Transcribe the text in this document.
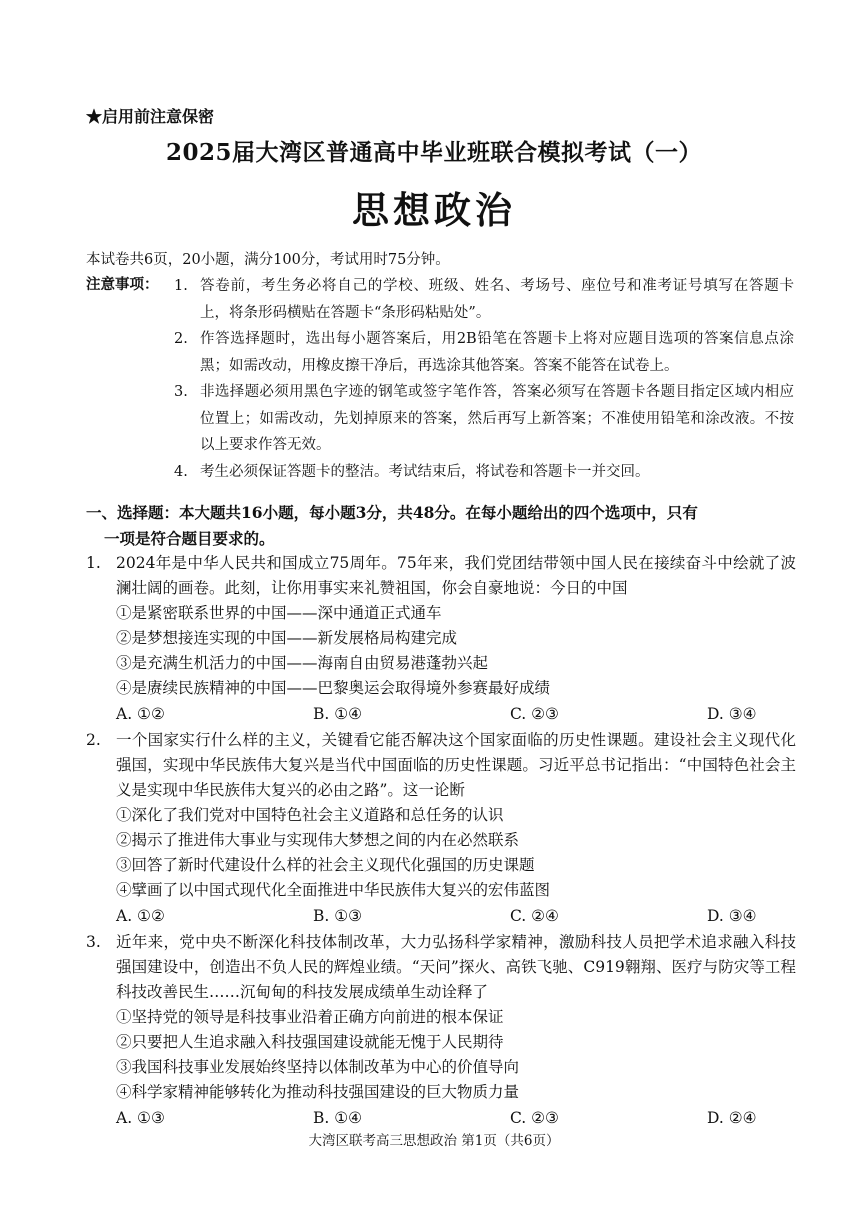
★启用前注意保密
2025届大湾区普通高中毕业班联合模拟考试（一）
思想政治
本试卷共6页，20小题，满分100分，考试用时75分钟。
注意事项： 1. 答卷前，考生务必将自己的学校、班级、姓名、考场号、座位号和准考证号填写在答题卡上，将条形码横贴在答题卡“条形码粘贴处”。
2. 作答选择题时，选出每小题答案后，用2B铅笔在答题卡上将对应题目选项的答案信息点涂黑；如需改动，用橡皮擦干净后，再选涂其他答案。答案不能答在试卷上。
3. 非选择题必须用黑色字迹的钢笔或签字笔作答，答案必须写在答题卡各题目指定区域内相应位置上；如需改动，先划掉原来的答案，然后再写上新答案；不准使用铅笔和涂改液。不按以上要求作答无效。
4. 考生必须保证答题卡的整洁。考试结束后，将试卷和答题卡一并交回。
一、选择题：本大题共16小题，每小题3分，共48分。在每小题给出的四个选项中，只有
一项是符合题目要求的。
1. 2024年是中华人民共和国成立75周年。75年来，我们党团结带领中国人民在接续奋斗中绘就了波澜壮阔的画卷。此刻，让你用事实来礼赞祖国，你会自豪地说：今日的中国
①是紧密联系世界的中国——深中通道正式通车
②是梦想接连实现的中国——新发展格局构建完成
③是充满生机活力的中国——海南自由贸易港蓬勃兴起
④是赓续民族精神的中国——巴黎奥运会取得境外参赛最好成绩
A. ①②	B. ①④	C. ②③	D. ③④
2. 一个国家实行什么样的主义，关键看它能否解决这个国家面临的历史性课题。建设社会主义现代化强国，实现中华民族伟大复兴是当代中国面临的历史性课题。习近平总书记指出：“中国特色社会主义是实现中华民族伟大复兴的必由之路”。这一论断
①深化了我们党对中国特色社会主义道路和总任务的认识
②揭示了推进伟大事业与实现伟大梦想之间的内在必然联系
③回答了新时代建设什么样的社会主义现代化强国的历史课题
④擘画了以中国式现代化全面推进中华民族伟大复兴的宏伟蓝图
A. ①②	B. ①③	C. ②④	D. ③④
3. 近年来，党中央不断深化科技体制改革，大力弘扬科学家精神，激励科技人员把学术追求融入科技强国建设中，创造出不负人民的辉煌业绩。“天问”探火、高铁飞驰、C919翱翔、医疗与防灾等工程科技改善民生……沉甸甸的科技发展成绩单生动诠释了
①坚持党的领导是科技事业沿着正确方向前进的根本保证
②只要把人生追求融入科技强国建设就能无愧于人民期待
③我国科技事业发展始终坚持以体制改革为中心的价值导向
④科学家精神能够转化为推动科技强国建设的巨大物质力量
A. ①③	B. ①④	C. ②③	D. ②④
大湾区联考高三思想政治 第1页（共6页）
